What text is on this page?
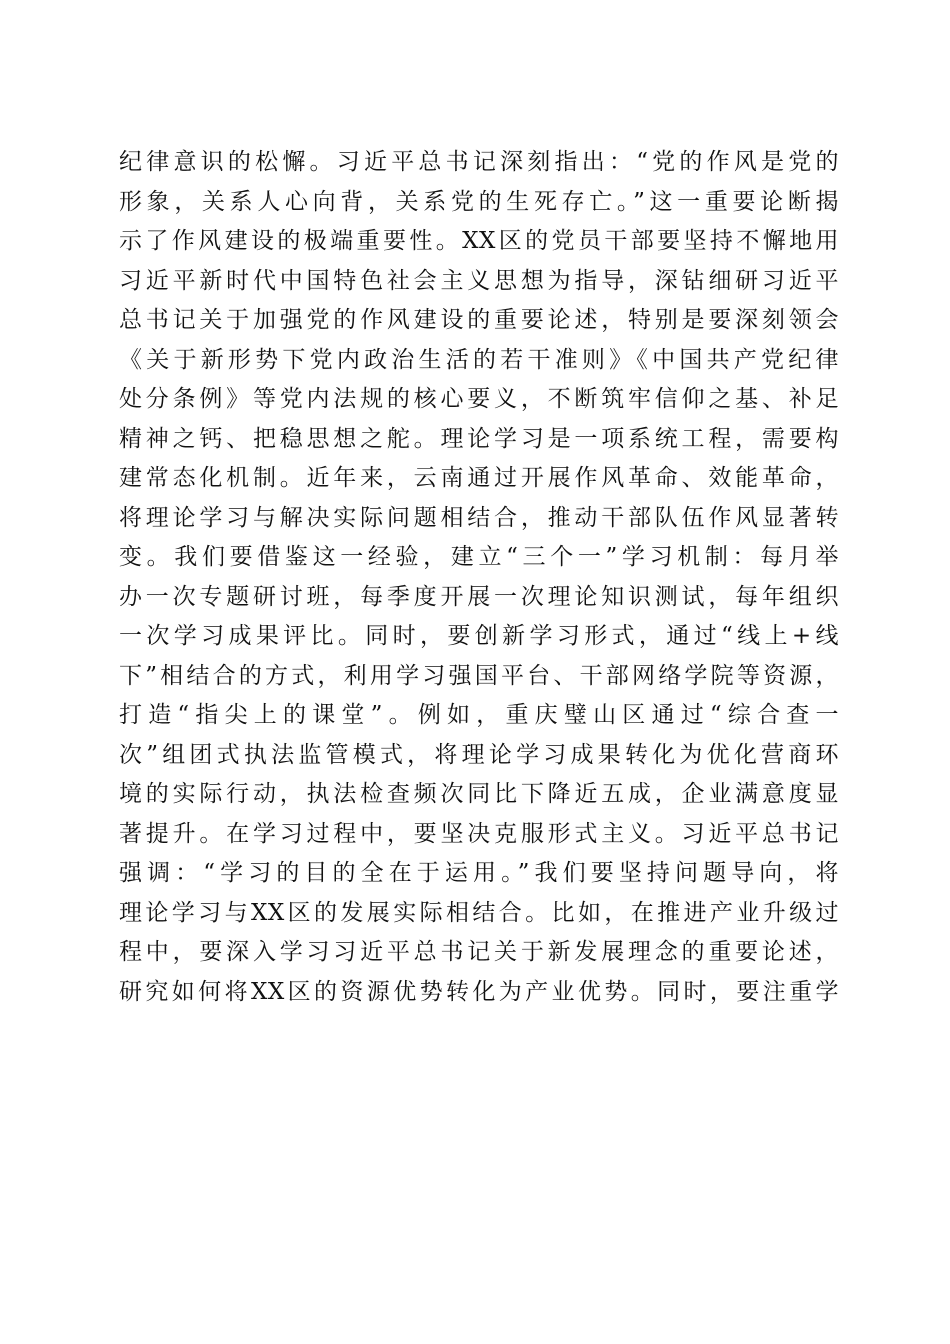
纪律意识的松懈。习近平总书记深刻指出：“党的作风是党的
形象，关系人心向背，关系党的生死存亡。”这一重要论断揭
示了作风建设的极端重要性。XX区的党员干部要坚持不懈地用
习近平新时代中国特色社会主义思想为指导，深钻细研习近平
总书记关于加强党的作风建设的重要论述，特别是要深刻领会
《关于新形势下党内政治生活的若干准则》《中国共产党纪律
处分条例》等党内法规的核心要义，不断筑牢信仰之基、补足
精神之钙、把稳思想之舵。理论学习是一项系统工程，需要构
建常态化机制。近年来，云南通过开展作风革命、效能革命，
将理论学习与解决实际问题相结合，推动干部队伍作风显著转
变。我们要借鉴这一经验，建立“三个一”学习机制：每月举
办一次专题研讨班，每季度开展一次理论知识测试，每年组织
一次学习成果评比。同时，要创新学习形式，通过“线上+线
下”相结合的方式，利用学习强国平台、干部网络学院等资源，
打造“指尖上的课堂”。例如，重庆璧山区通过“综合查一
次”组团式执法监管模式，将理论学习成果转化为优化营商环
境的实际行动，执法检查频次同比下降近五成，企业满意度显
著提升。在学习过程中，要坚决克服形式主义。习近平总书记
强调：“学习的目的全在于运用。”我们要坚持问题导向，将
理论学习与XX区的发展实际相结合。比如，在推进产业升级过
程中，要深入学习习近平总书记关于新发展理念的重要论述，
研究如何将XX区的资源优势转化为产业优势。同时，要注重学
